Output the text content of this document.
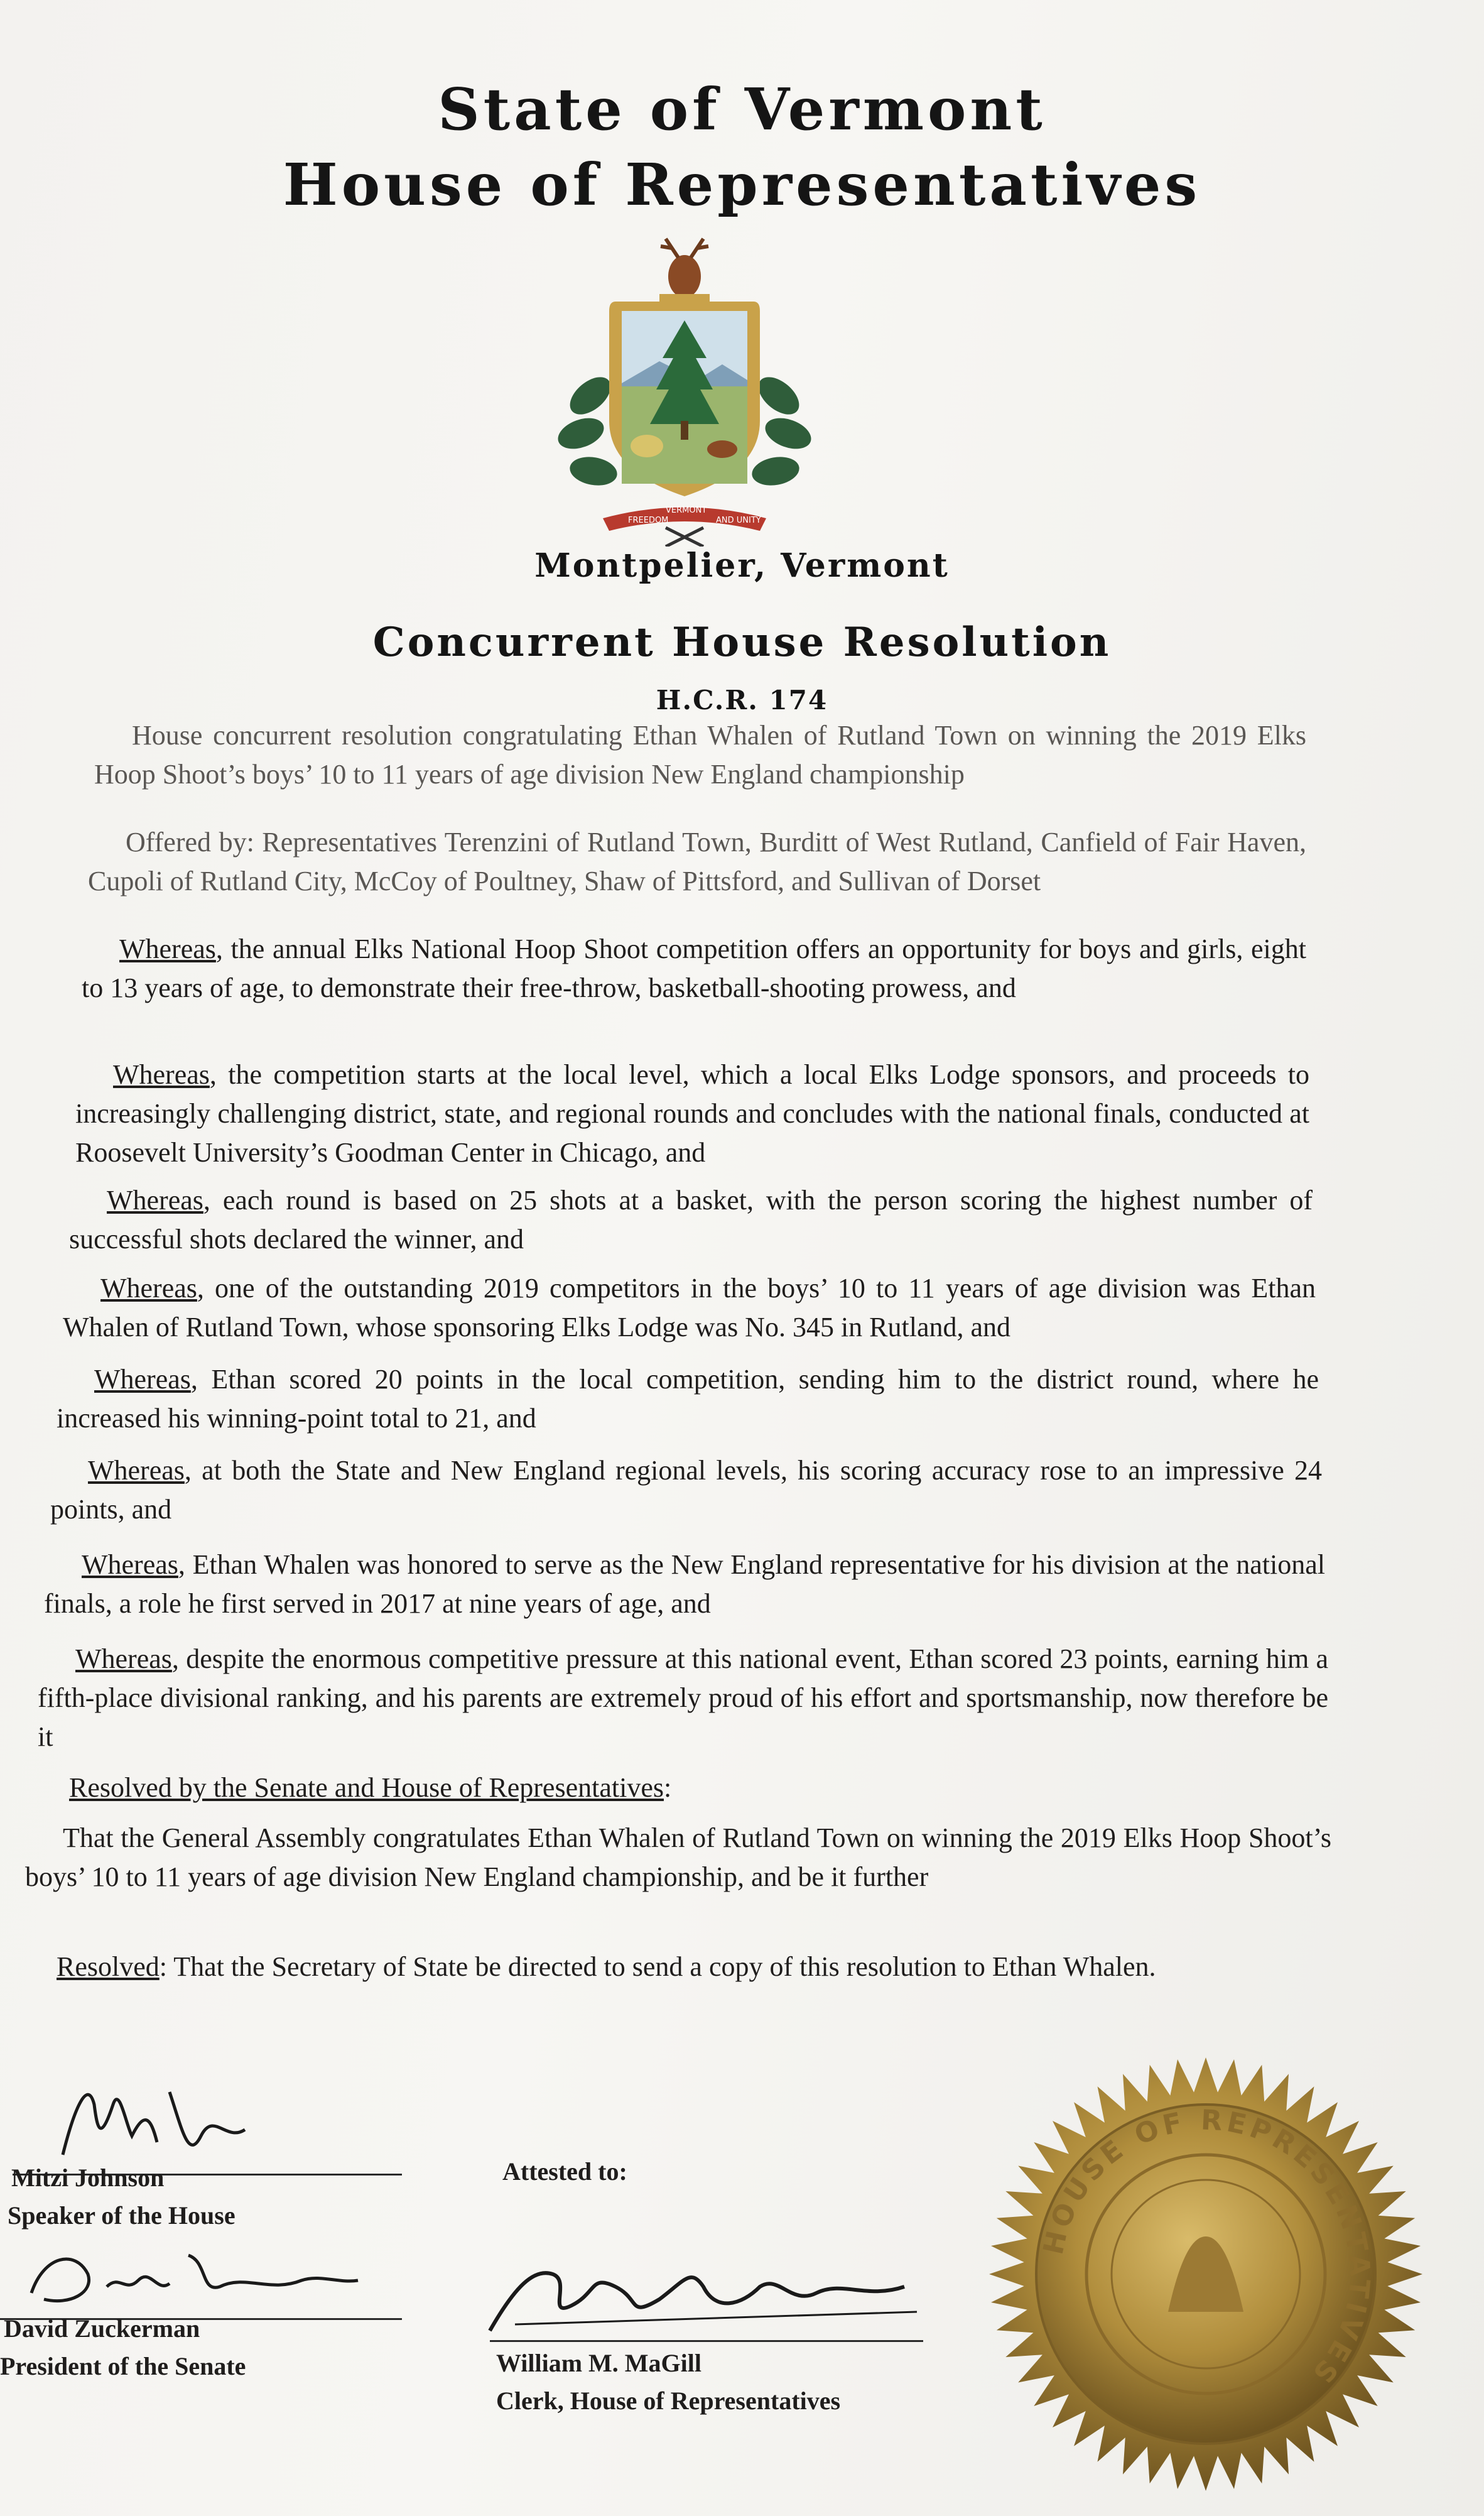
State of Vermont
House of Representatives
FREEDOM
VERMONT
AND UNITY
Montpelier, Vermont
Concurrent House Resolution
H.C.R. 174
House concurrent resolution congratulating Ethan Whalen of Rutland Town on winning the 2019 Elks Hoop Shoot’s boys’ 10 to 11 years of age division New England championship
Offered by: Representatives Terenzini of Rutland Town, Burditt of West Rutland, Canfield of Fair Haven, Cupoli of Rutland City, McCoy of Poultney, Shaw of Pittsford, and Sullivan of Dorset
Whereas, the annual Elks National Hoop Shoot competition offers an opportunity for boys and girls, eight to 13 years of age, to demonstrate their free-throw, basketball-shooting prowess, and
Whereas, the competition starts at the local level, which a local Elks Lodge sponsors, and proceeds to increasingly challenging district, state, and regional rounds and concludes with the national finals, conducted at Roosevelt University’s Goodman Center in Chicago, and
Whereas, each round is based on 25 shots at a basket, with the person scoring the highest number of successful shots declared the winner, and
Whereas, one of the outstanding 2019 competitors in the boys’ 10 to 11 years of age division was Ethan Whalen of Rutland Town, whose sponsoring Elks Lodge was No. 345 in Rutland, and
Whereas, Ethan scored 20 points in the local competition, sending him to the district round, where he increased his winning-point total to 21, and
Whereas, at both the State and New England regional levels, his scoring accuracy rose to an impressive 24 points, and
Whereas, Ethan Whalen was honored to serve as the New England representative for his division at the national finals, a role he first served in 2017 at nine years of age, and
Whereas, despite the enormous competitive pressure at this national event, Ethan scored 23 points, earning him a fifth-place divisional ranking, and his parents are extremely proud of his effort and sportsmanship, now therefore be it
Resolved by the Senate and House of Representatives:
That the General Assembly congratulates Ethan Whalen of Rutland Town on winning the 2019 Elks Hoop Shoot’s boys’ 10 to 11 years of age division New England championship, and be it further
Resolved: That the Secretary of State be directed to send a copy of this resolution to Ethan Whalen.
Mitzi Johnson
Speaker of the House
David Zuckerman
President of the Senate
Attested to:
William M. MaGill
Clerk, House of Representatives
HOUSE OF REPRESENTATIVES
